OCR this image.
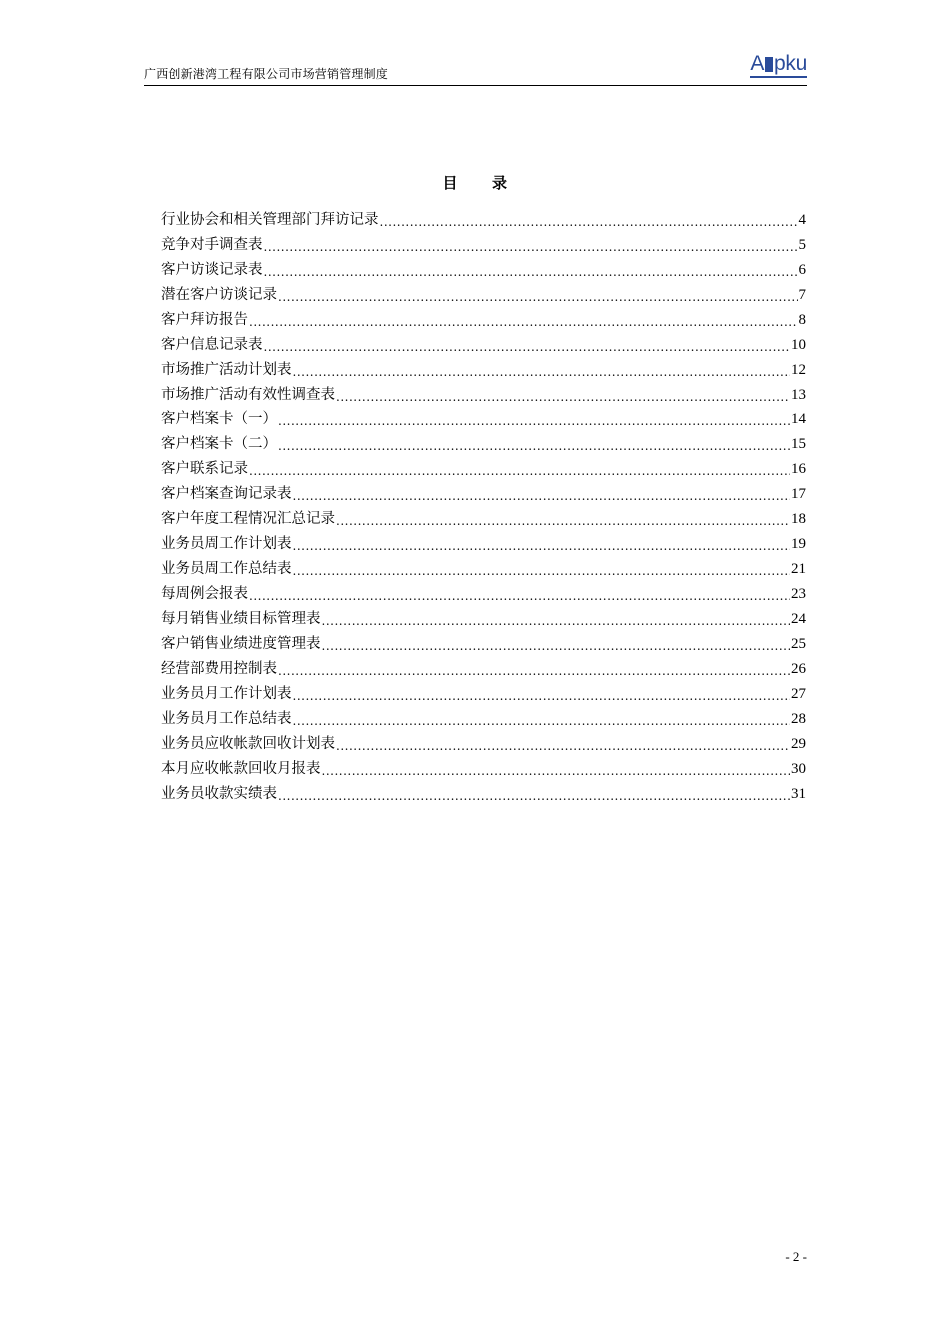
广西创新港湾工程有限公司市场营销管理制度	A pku
目 录
行业协会和相关管理部门拜访记录 .....	4
竞争对手调查表 .....	5
客户访谈记录表 .....	6
潜在客户访谈记录 .....	7
客户拜访报告 .....	8
客户信息记录表 .....	10
市场推广活动计划表 .....	12
市场推广活动有效性调查表 .....	13
客户档案卡（一） .....	14
客户档案卡（二） .....	15
客户联系记录 .....	16
客户档案查询记录表 .....	17
客户年度工程情况汇总记录 .....	18
业务员周工作计划表 .....	19
业务员周工作总结表 .....	21
每周例会报表 .....	23
每月销售业绩目标管理表 .....	24
客户销售业绩进度管理表 .....	25
经营部费用控制表 .....	26
业务员月工作计划表 .....	27
业务员月工作总结表 .....	28
业务员应收帐款回收计划表 .....	29
本月应收帐款回收月报表 .....	30
业务员收款实绩表 .....	31
- 2 -
